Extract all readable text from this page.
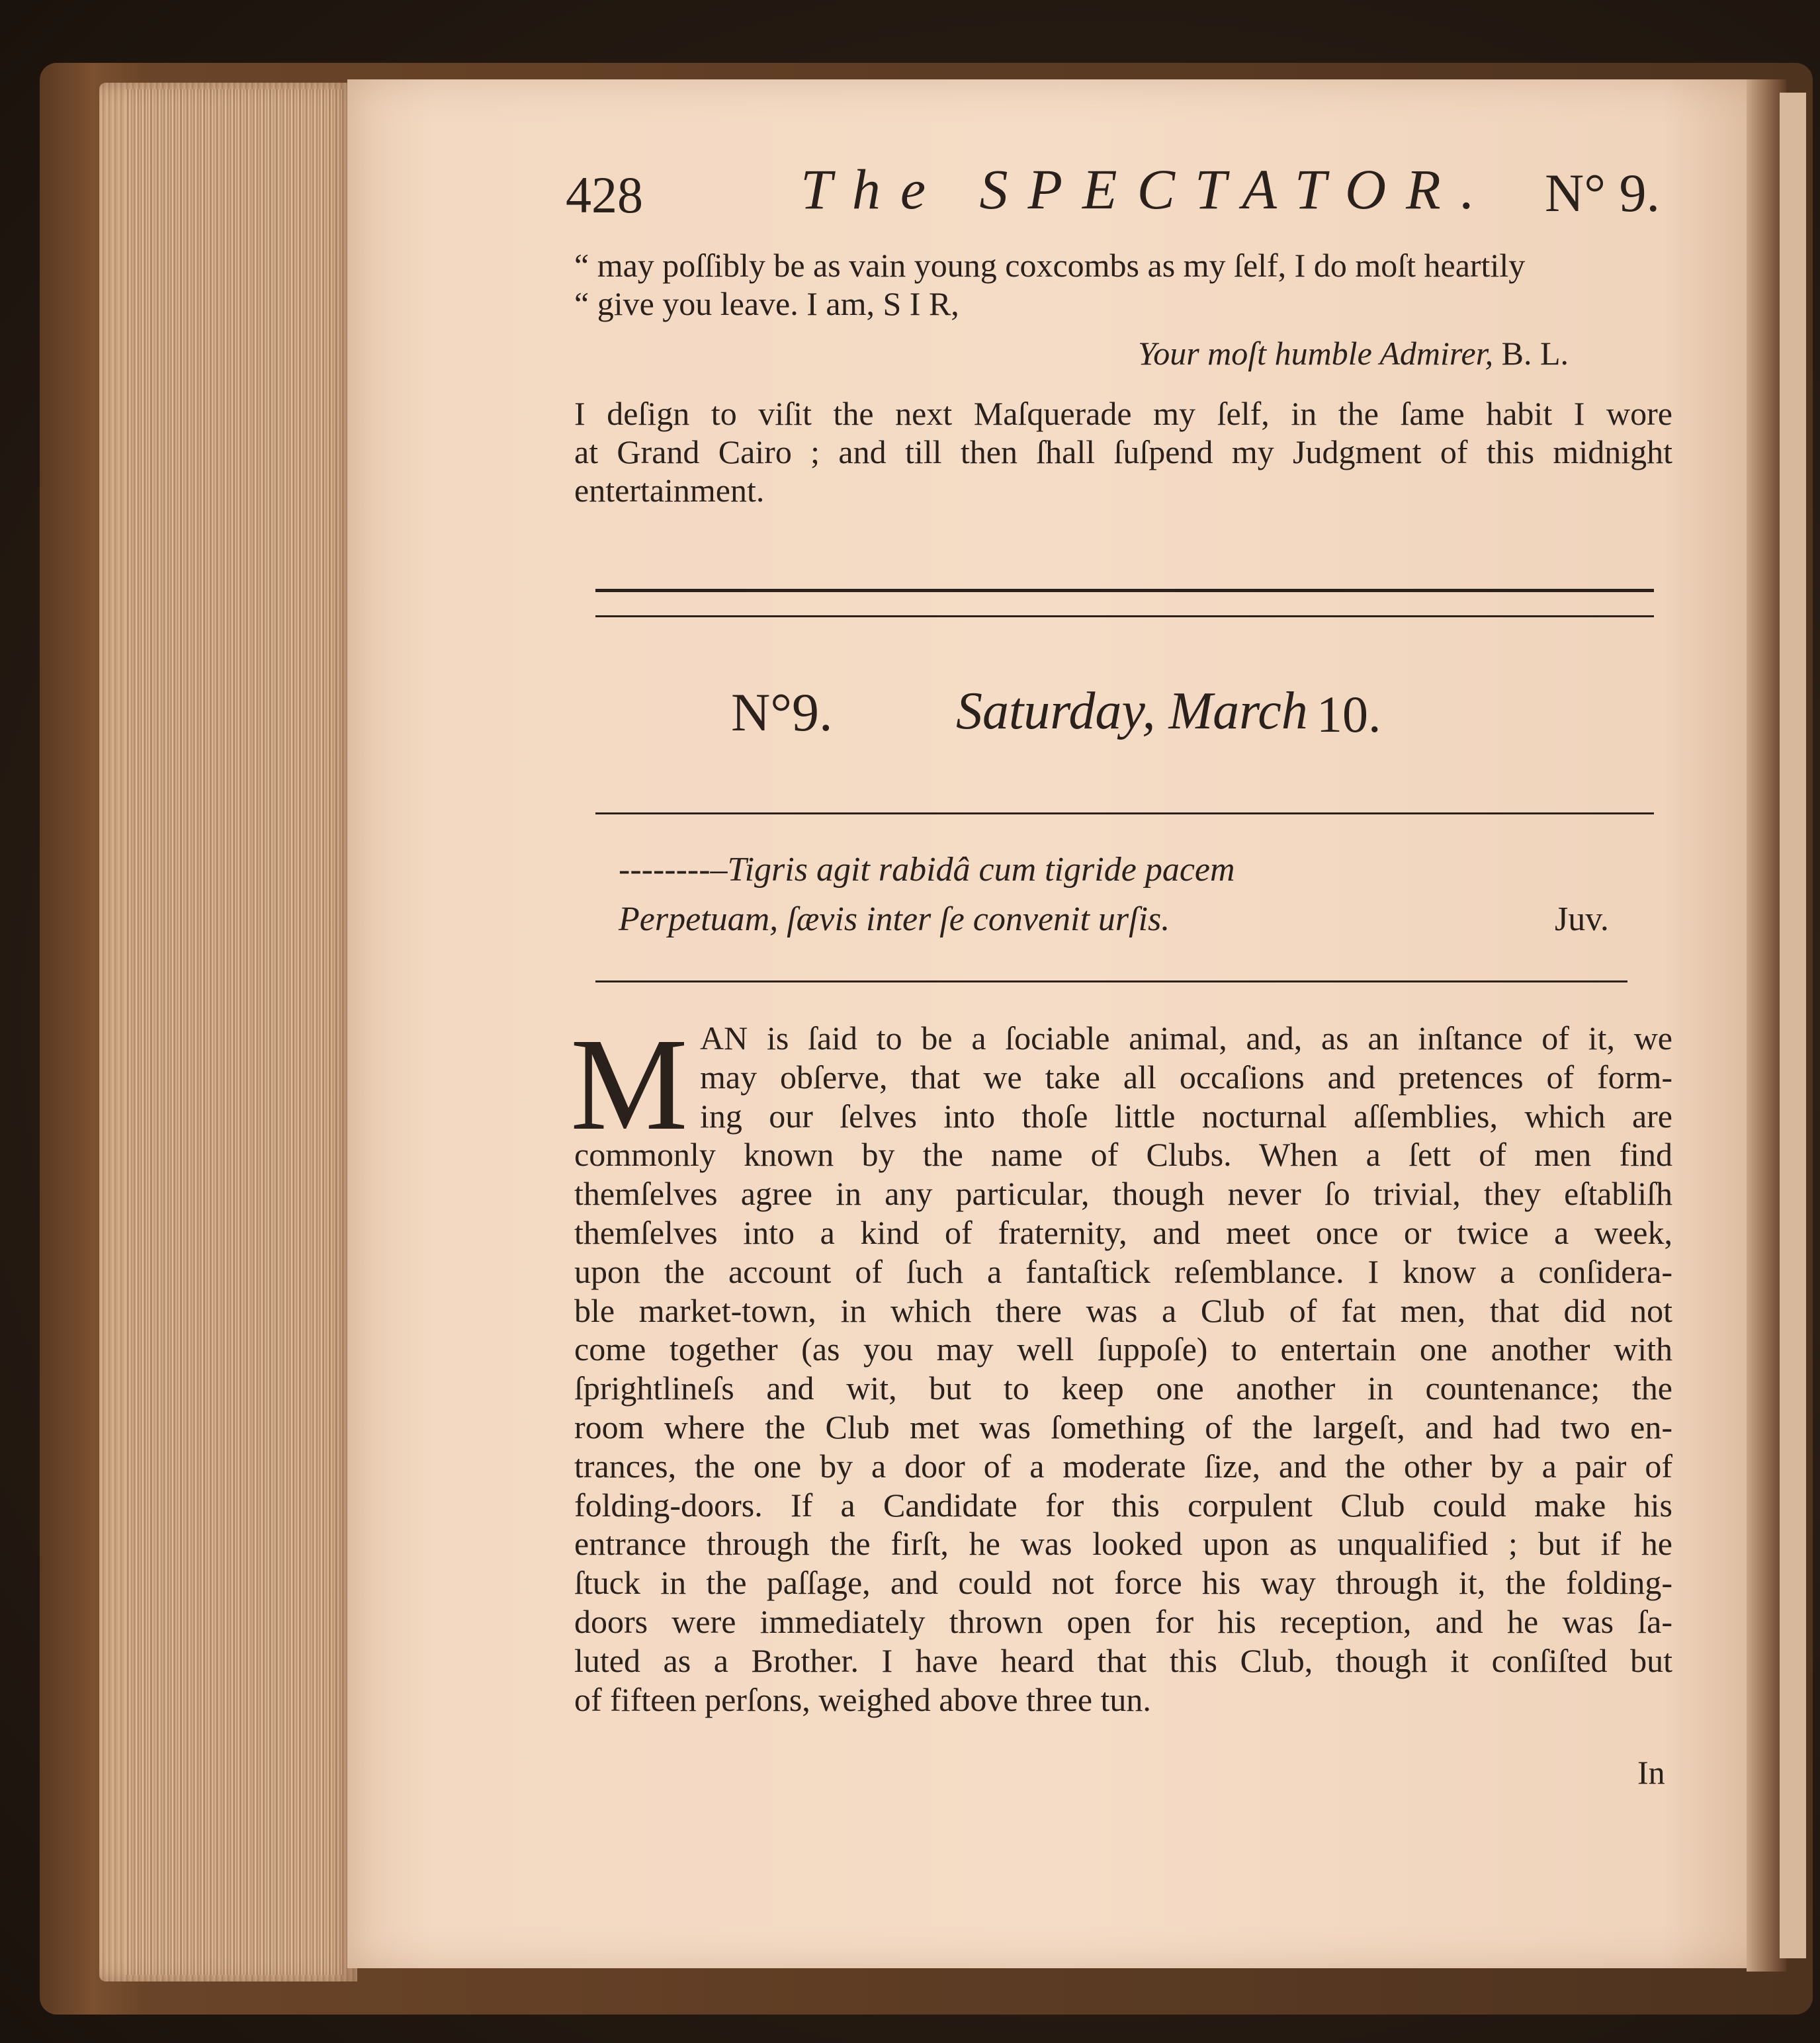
428	The SPECTATOR. N° 9.
“ may poſſibly be as vain young coxcombs as my ſelf, I do moſt heartily
“ give you leave. I am, S I R,
Your moſt humble Admirer, B. L.
I deſign to viſit the next Maſquerade my ſelf, in the ſame habit I wore
at Grand Cairo ; and till then ſhall ſuſpend my Judgment of this midnight
entertainment.
N°9. Saturday, March 10.
--------–Tigris agit rabidâ cum tigride pacem
Perpetuam, ſævis inter ſe convenit urſis.	Juv.
M AN is ſaid to be a ſociable animal, and, as an inſtance of it, we
may obſerve, that we take all occaſions and pretences of form-
ing our ſelves into thoſe little nocturnal aſſemblies, which are
commonly known by the name of Clubs. When a ſett of men find
themſelves agree in any particular, though never ſo trivial, they eſtabliſh
themſelves into a kind of fraternity, and meet once or twice a week,
upon the account of ſuch a fantaſtick reſemblance. I know a conſidera-
ble market-town, in which there was a Club of fat men, that did not
come together (as you may well ſuppoſe) to entertain one another with
ſprightlineſs and wit, but to keep one another in countenance; the
room where the Club met was ſomething of the largeſt, and had two en-
trances, the one by a door of a moderate ſize, and the other by a pair of
folding-doors. If a Candidate for this corpulent Club could make his
entrance through the firſt, he was looked upon as unqualified ; but if he
ſtuck in the paſſage, and could not force his way through it, the folding-
doors were immediately thrown open for his reception, and he was ſa-
luted as a Brother. I have heard that this Club, though it conſiſted but
of fifteen perſons, weighed above three tun.
In
